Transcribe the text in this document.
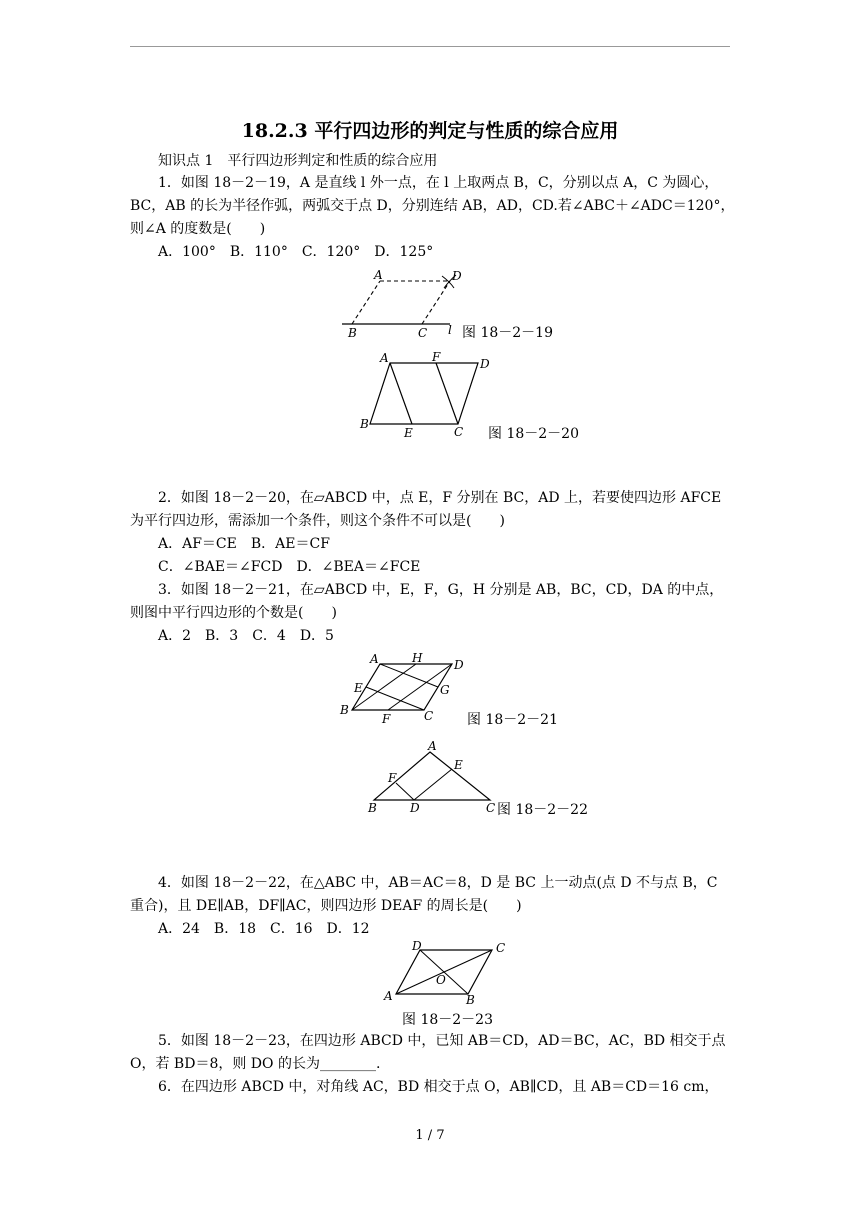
18.2.3 平行四边形的判定与性质的综合应用
知识点 1　平行四边形判定和性质的综合应用
1．如图 18－2－19，A 是直线 l 外一点，在 l 上取两点 B，C，分别以点 A，C 为圆心，
BC，AB 的长为半径作弧，两弧交于点 D，分别连结 AB，AD，CD.若∠ABC＋∠ADC＝120°，
则∠A 的度数是(　　)
A．100°　B．110°　C．120°　D．125°
A	D
B	C l 图 18－2－19
A	F	D
B
E	C 图 18－2－20
2．如图 18－2－20，在▱ABCD 中，点 E，F 分别在 BC，AD 上，若要使四边形 AFCE
为平行四边形，需添加一个条件，则这个条件不可以是(　　)
A．AF＝CE　B．AE＝CF
C．∠BAE＝∠FCD　D．∠BEA＝∠FCE
3．如图 18－2－21，在▱ABCD 中，E，F，G，H 分别是 AB，BC，CD，DA 的中点，
则图中平行四边形的个数是(　　)
A．2　B．3　C．4　D．5
A	H	D
E	G
B
F	C 图 18－2－21
A
E
F
B	D	C 图 18－2－22
4．如图 18－2－22，在△ABC 中，AB＝AC＝8，D 是 BC 上一动点(点 D 不与点 B，C
重合)，且 DE∥AB，DF∥AC，则四边形 DEAF 的周长是(　　)
A．24　B．18　C．16　D．12
D	C
O
A	B
图 18－2－23
5．如图 18－2－23，在四边形 ABCD 中，已知 AB＝CD，AD＝BC，AC，BD 相交于点
O，若 BD＝8，则 DO 的长为________.
6．在四边形 ABCD 中，对角线 AC，BD 相交于点 O，AB∥CD，且 AB＝CD＝16 cm，
1 / 7
